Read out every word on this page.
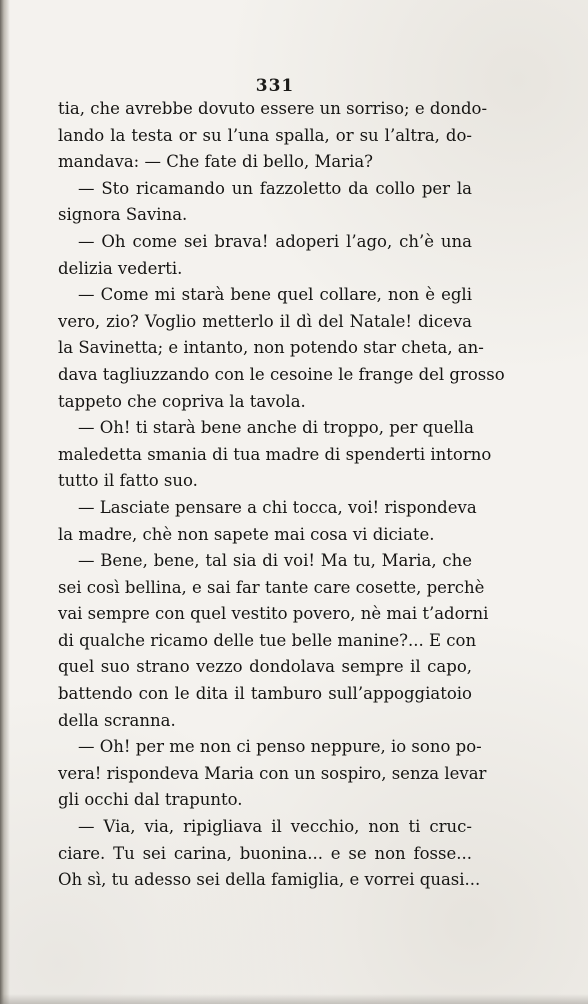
331
tia, che avrebbe dovuto essere un sorriso; e dondo-
lando la testa or su l’una spalla, or su l’altra, do-
mandava: — Che fate di bello, Maria?
— Sto ricamando un fazzoletto da collo per la
signora Savina.
— Oh come sei brava! adoperi l’ago, ch’è una
delizia vederti.
— Come mi starà bene quel collare, non è egli
vero, zio? Voglio metterlo il dì del Natale! diceva
la Savinetta; e intanto, non potendo star cheta, an-
dava tagliuzzando con le cesoine le frange del grosso
tappeto che copriva la tavola.
— Oh! ti starà bene anche di troppo, per quella
maledetta smania di tua madre di spenderti intorno
tutto il fatto suo.
— Lasciate pensare a chi tocca, voi! rispondeva
la madre, chè non sapete mai cosa vi diciate.
— Bene, bene, tal sia di voi! Ma tu, Maria, che
sei così bellina, e sai far tante care cosette, perchè
vai sempre con quel vestito povero, nè mai t’adorni
di qualche ricamo delle tue belle manine?... E con
quel suo strano vezzo dondolava sempre il capo,
battendo con le dita il tamburo sull’appoggiatoio
della scranna.
— Oh! per me non ci penso neppure, io sono po-
vera! rispondeva Maria con un sospiro, senza levar
gli occhi dal trapunto.
— Via, via, ripigliava il vecchio, non ti cruc-
ciare. Tu sei carina, buonina... e se non fosse...
Oh sì, tu adesso sei della famiglia, e vorrei quasi...
